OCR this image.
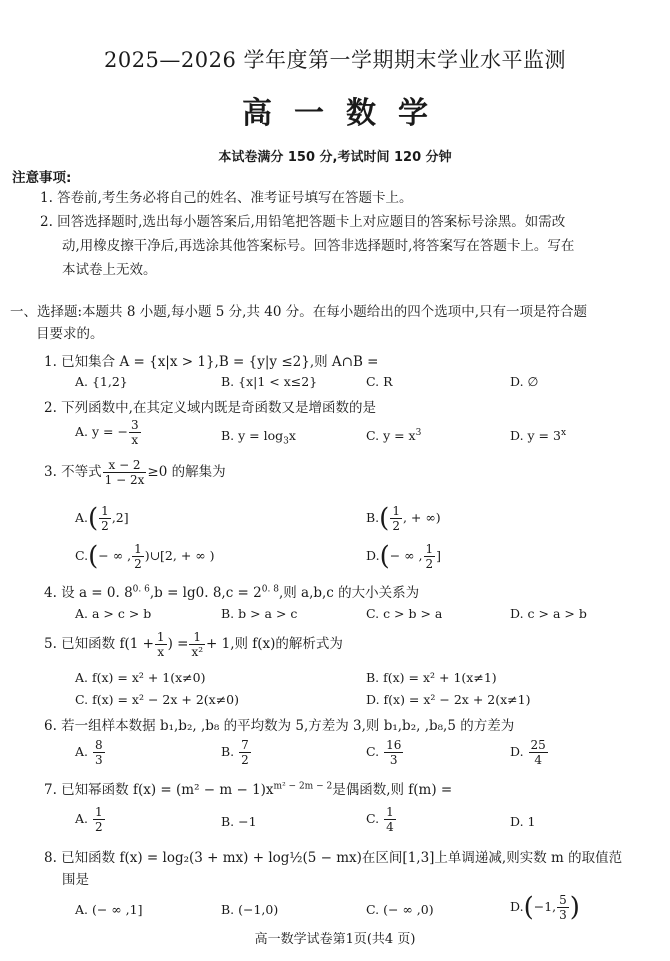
2025—2026 学年度第一学期期末学业水平监测
高一数学
本试卷满分 150 分,考试时间 120 分钟
注意事项:
1. 答卷前,考生务必将自己的姓名、准考证号填写在答题卡上。
2. 回答选择题时,选出每小题答案后,用铅笔把答题卡上对应题目的答案标号涂黑。如需改
动,用橡皮擦干净后,再选涂其他答案标号。回答非选择题时,将答案写在答题卡上。写在
本试卷上无效。
一、选择题:本题共 8 小题,每小题 5 分,共 40 分。在每小题给出的四个选项中,只有一项是符合题
目要求的。
1. 已知集合 A = {x|x > 1},B = {y|y ≤2},则 A∩B =
A. {1,2}	B. {x|1 < x≤2}	C. R	D. ∅
2. 下列函数中,在其定义域内既是奇函数又是增函数的是
A. y = − $\frac{3}{x}$	B. $y = \log_3x$	C. $y = x^3$	D. $y = 3^x$
3. 不等式 $\frac{x - 2}{1 - 2x} \ge 0$ 的解集为
$A.( \frac{1}{2} ,2]$	$B.( \frac{1}{2}$ , + ∞)
C.(− ∞ , $\frac{1}{2}$ )∪[2, + ∞ )	D.(− ∞ , $\frac{1}{2}$ ]
4. 设 a = 0. $8^{0. 6},b = \lg 0$. $8,c = 2^{0. 8}$,则 a,b,c 的大小关系为
A. a > c > b	B. b > a > c	C. c > b > a	D. c > a > b
5. 已知函数 $f(1 + \frac{1}{x}$ ) = $\frac{1}{\text{x²}} + 1$,则 f(x)的解析式为
A. f(x) = x² + 1(x≠0)	B. f(x) = x² + 1(x≠1)
C. f(x) = x² − 2x + 2(x≠0)	D. f(x) = x² − 2x + 2(x≠1)
6. 若一组样本数据 b₁,b₂, ,b₈ 的平均数为 5,方差为 3,则 b₁,b₂, ,b₈,5 的方差为
A. $\frac{8}{3}$	B. $\frac{7}{2}$	C. $\frac{16}{3}$	D. $\frac{25}{4}$
7. 已知幂函数 $f(x) = (m^2 - m - 1)x^{m^2 - 2m - 2}$是偶函数,则 f(m) =
A. $\frac{1}{2}$	B. −1	C. $\frac{1}{4}$	D. 1
8. 已知函数 f(x) = log₂(3 + mx) + log½(5 − mx)在区间[1,3]上单调递减,则实数 m 的取值范
围是
A. (− ∞ ,1]	B. (−1,0)	C. (− ∞ ,0)	D.(−1, $\frac{5}{3}$ )
高一数学试卷第1页(共4 页)
